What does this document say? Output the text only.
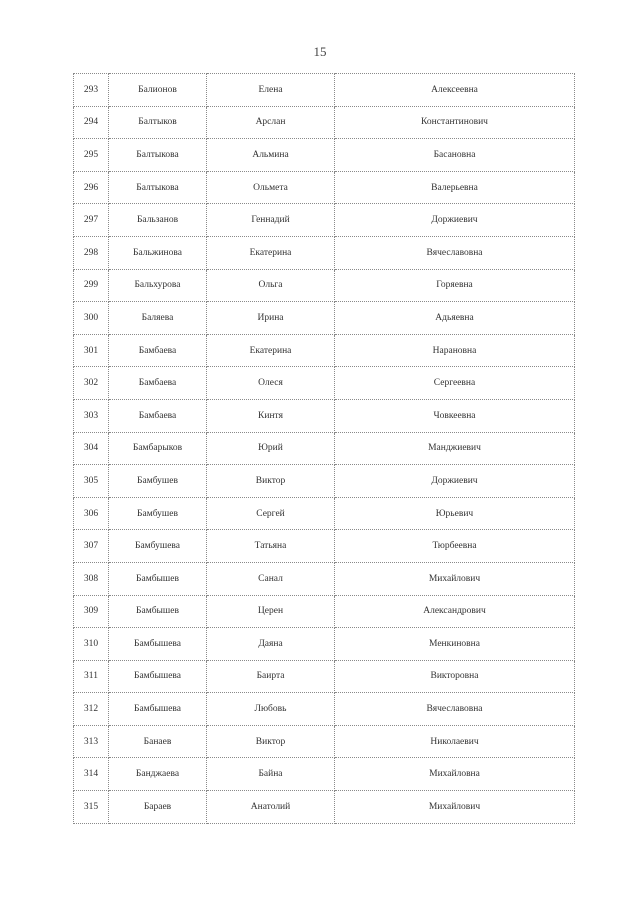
15
293	Балионов	Елена	Алексеевна
294	Балтыков	Арслан	Константинович
295	Балтыкова	Альмина	Басановна
296	Балтыкова	Ольмета	Валерьевна
297	Бальзанов	Геннадий	Доржиевич
298	Бальжинова	Екатерина	Вячеславовна
299	Бальхурова	Ольга	Горяевна
300	Баляева	Ирина	Адьяевна
301	Бамбаева	Екатерина	Нарановна
302	Бамбаева	Олеся	Сергеевна
303	Бамбаева	Кинтя	Човкеевна
304	Бамбарыков	Юрий	Манджиевич
305	Бамбушев	Виктор	Доржиевич
306	Бамбушев	Сергей	Юрьевич
307	Бамбушева	Татьяна	Тюрбеевна
308	Бамбышев	Санал	Михайлович
309	Бамбышев	Церен	Александрович
310	Бамбышева	Даяна	Менкиновна
311	Бамбышева	Баирта	Викторовна
312	Бамбышева	Любовь	Вячеславовна
313	Банаев	Виктор	Николаевич
314	Банджаева	Байна	Михайловна
315	Бараев	Анатолий	Михайлович
